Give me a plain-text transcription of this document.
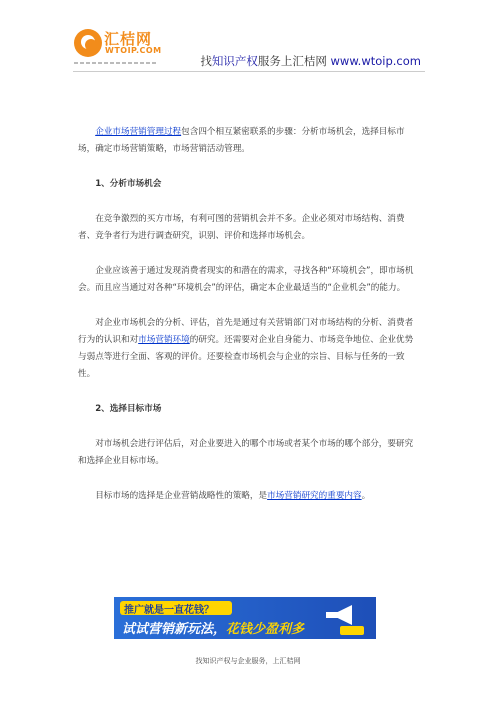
汇桔网
WTOIP.COM
找知识产权服务上汇桔网 www.wtoip.com

企业市场营销管理过程包含四个相互紧密联系的步骤：分析市场机会，选择目标市场，确定市场营销策略，市场营销活动管理。

1、分析市场机会

在竞争激烈的买方市场，有利可图的营销机会并不多。企业必须对市场结构、消费者、竞争者行为进行调查研究，识别、评价和选择市场机会。

企业应该善于通过发现消费者现实的和潜在的需求，寻找各种“环境机会”，即市场机会。而且应当通过对各种“环境机会”的评估，确定本企业最适当的“企业机会”的能力。

对企业市场机会的分析、评估，首先是通过有关营销部门对市场结构的分析、消费者行为的认识和对市场营销环境的研究。还需要对企业自身能力、市场竞争地位、企业优势与弱点等进行全面、客观的评价。还要检查市场机会与企业的宗旨、目标与任务的一致性。

2、选择目标市场

对市场机会进行评估后，对企业要进入的哪个市场或者某个市场的哪个部分，要研究和选择企业目标市场。

目标市场的选择是企业营销战略性的策略，是市场营销研究的重要内容。

推广就是一直花钱？
试试营销新玩法，花钱少盈利多
找知识产权与企业服务，上汇桔网
